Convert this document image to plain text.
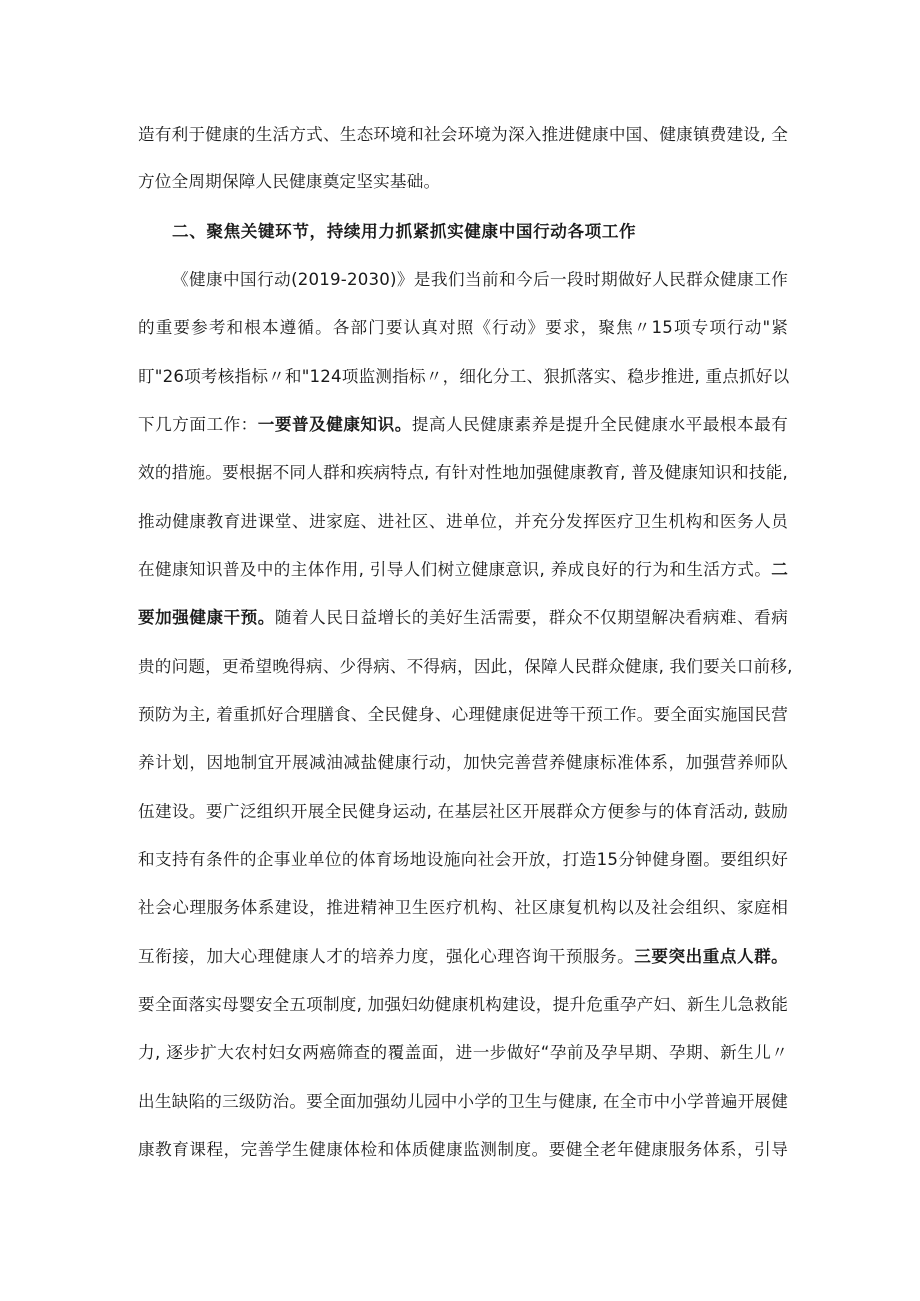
造有利于健康的生活方式、生态环境和社会环境为深入推进健康中国、健康镇费建设, 全
方位全周期保障人民健康奠定坚实基础。
二、聚焦关键环节，持续用力抓紧抓实健康中国行动各项工作
《健康中国行动(2019-2030)》是我们当前和今后一段时期做好人民群众健康工作
的重要参考和根本遵循。各部门要认真对照《行动》要求，聚焦〃15项专项行动"紧
盯"26项考核指标〃和"124项监测指标〃，细化分工、狠抓落实、稳步推进, 重点抓好以
下几方面工作：一要普及健康知识。提高人民健康素养是提升全民健康水平最根本最有
效的措施。要根据不同人群和疾病特点, 有针对性地加强健康教育, 普及健康知识和技能,
推动健康教育进课堂、进家庭、进社区、进单位，并充分发挥医疗卫生机构和医务人员
在健康知识普及中的主体作用, 引导人们树立健康意识, 养成良好的行为和生活方式。二
要加强健康干预。随着人民日益增长的美好生活需要，群众不仅期望解决看病难、看病
贵的问题，更希望晚得病、少得病、不得病，因此，保障人民群众健康, 我们要关口前移,
预防为主, 着重抓好合理膳食、全民健身、心理健康促进等干预工作。要全面实施国民营
养计划，因地制宜开展减油减盐健康行动，加快完善营养健康标准体系，加强营养师队
伍建设。要广泛组织开展全民健身运动, 在基层社区开展群众方便参与的体育活动, 鼓励
和支持有条件的企事业单位的体育场地设施向社会开放，打造15分钟健身圈。要组织好
社会心理服务体系建设，推进精神卫生医疗机构、社区康复机构以及社会组织、家庭相
互衔接，加大心理健康人才的培养力度，强化心理咨询干预服务。三要突出重点人群。
要全面落实母婴安全五项制度, 加强妇幼健康机构建设，提升危重孕产妇、新生儿急救能
力, 逐步扩大农村妇女两癌筛查的覆盖面，进一步做好“孕前及孕早期、孕期、新生儿〃
出生缺陷的三级防治。要全面加强幼儿园中小学的卫生与健康, 在全市中小学普遍开展健
康教育课程，完善学生健康体检和体质健康监测制度。要健全老年健康服务体系，引导
